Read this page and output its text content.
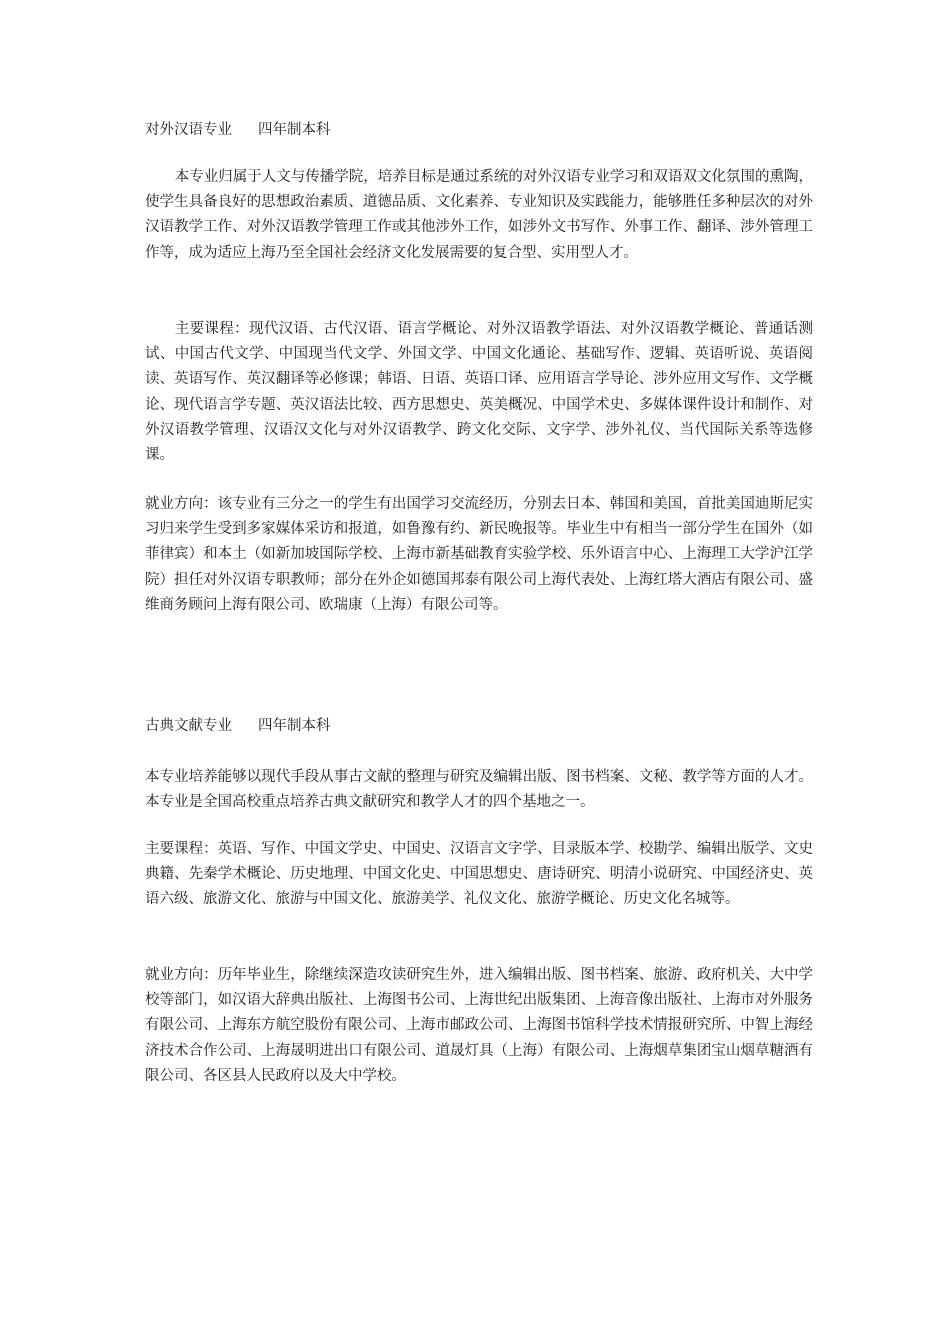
对外汉语专业 四年制本科

本专业归属于人文与传播学院，培养目标是通过系统的对外汉语专业学习和双语双文化氛围的熏陶，使学生具备良好的思想政治素质、道德品质、文化素养、专业知识及实践能力，能够胜任多种层次的对外汉语教学工作、对外汉语教学管理工作或其他涉外工作，如涉外文书写作、外事工作、翻译、涉外管理工作等，成为适应上海乃至全国社会经济文化发展需要的复合型、实用型人才。

主要课程：现代汉语、古代汉语、语言学概论、对外汉语教学语法、对外汉语教学概论、普通话测试、中国古代文学、中国现当代文学、外国文学、中国文化通论、基础写作、逻辑、英语听说、英语阅读、英语写作、英汉翻译等必修课；韩语、日语、英语口译、应用语言学导论、涉外应用文写作、文学概论、现代语言学专题、英汉语法比较、西方思想史、英美概况、中国学术史、多媒体课件设计和制作、对外汉语教学管理、汉语汉文化与对外汉语教学、跨文化交际、文字学、涉外礼仪、当代国际关系等选修课。

就业方向：该专业有三分之一的学生有出国学习交流经历，分别去日本、韩国和美国，首批美国迪斯尼实习归来学生受到多家媒体采访和报道，如鲁豫有约、新民晚报等。毕业生中有相当一部分学生在国外（如菲律宾）和本土（如新加坡国际学校、上海市新基础教育实验学校、乐外语言中心、上海理工大学沪江学院）担任对外汉语专职教师；部分在外企如德国邦泰有限公司上海代表处、上海红塔大酒店有限公司、盛维商务顾问上海有限公司、欧瑞康（上海）有限公司等。

古典文献专业 四年制本科

本专业培养能够以现代手段从事古文献的整理与研究及编辑出版、图书档案、文秘、教学等方面的人才。 本专业是全国高校重点培养古典文献研究和教学人才的四个基地之一。

主要课程：英语、写作、中国文学史、中国史、汉语言文字学、目录版本学、校勘学、编辑出版学、文史典籍、先秦学术概论、历史地理、中国文化史、中国思想史、唐诗研究、明清小说研究、中国经济史、英语六级、旅游文化、旅游与中国文化、旅游美学、礼仪文化、旅游学概论、历史文化名城等。

就业方向：历年毕业生，除继续深造攻读研究生外，进入编辑出版、图书档案、旅游、政府机关、大中学校等部门，如汉语大辞典出版社、上海图书公司、上海世纪出版集团、上海音像出版社、上海市对外服务有限公司、上海东方航空股份有限公司、上海市邮政公司、上海图书馆科学技术情报研究所、中智上海经济技术合作公司、上海晟明进出口有限公司、道晟灯具（上海）有限公司、上海烟草集团宝山烟草糖酒有限公司、各区县人民政府以及大中学校。
